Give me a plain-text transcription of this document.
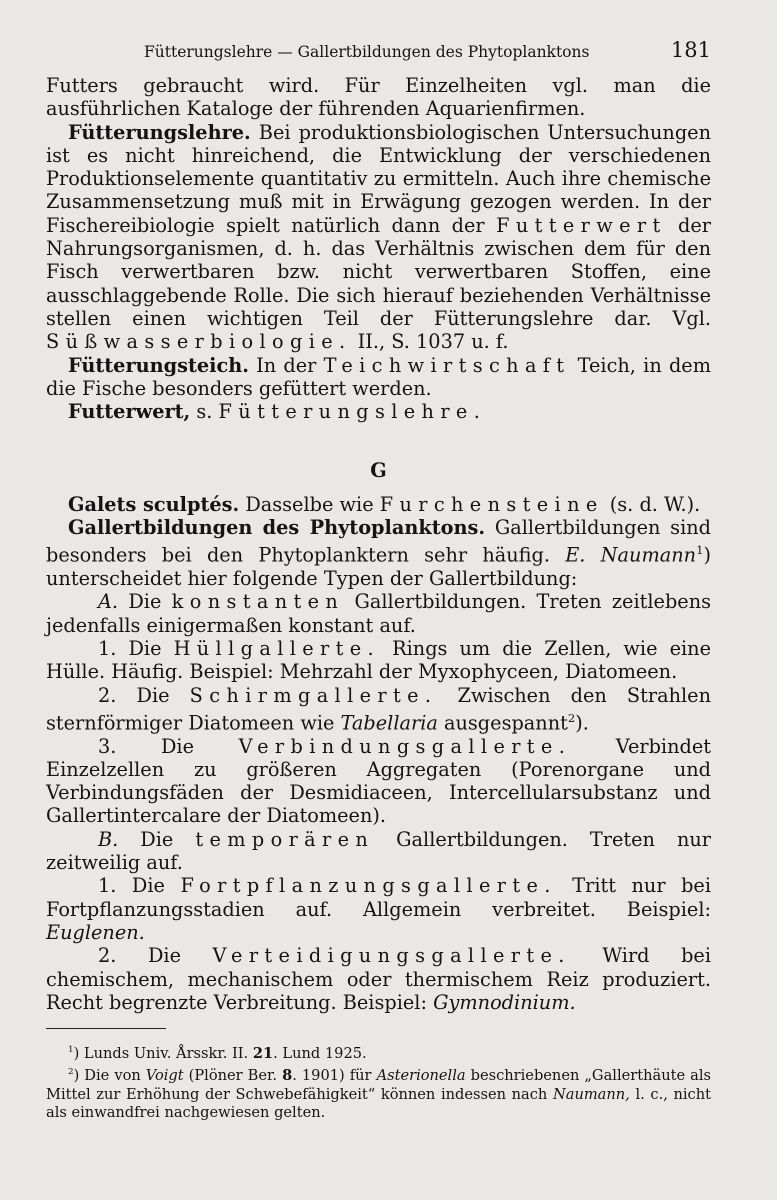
Fütterungslehre — Gallertbildungen des Phytoplanktons	181

Futters gebraucht wird. Für Einzelheiten vgl. man die ausführlichen Kataloge der führenden Aquarienfirmen.

Fütterungslehre. Bei produktionsbiologischen Untersuchungen ist es nicht hinreichend, die Entwicklung der verschiedenen Produktionselemente quantitativ zu ermitteln. Auch ihre chemische Zusammensetzung muß mit in Erwägung gezogen werden. In der Fischereibiologie spielt natürlich dann der Futterwert der Nahrungsorganismen, d. h. das Verhältnis zwischen dem für den Fisch verwertbaren bzw. nicht verwertbaren Stoffen, eine ausschlaggebende Rolle. Die sich hierauf beziehenden Verhältnisse stellen einen wichtigen Teil der Fütterungslehre dar. Vgl. Süßwasserbiologie. II., S. 1037 u. f.

Fütterungsteich. In der Teichwirtschaft Teich, in dem die Fische besonders gefüttert werden.

Futterwert, s. Fütterungslehre.

G

Galets sculptés. Dasselbe wie Furchensteine (s. d. W.).

Gallertbildungen des Phytoplanktons. Gallertbildungen sind besonders bei den Phytoplanktern sehr häufig. E. Naumann$^1$) unterscheidet hier folgende Typen der Gallertbildung:

A. Die konstanten Gallertbildungen. Treten zeitlebens jedenfalls einigermaßen konstant auf.

1. Die Hüllgallerte. Rings um die Zellen, wie eine Hülle. Häufig. Beispiel: Mehrzahl der Myxophyceen, Diatomeen.

2. Die Schirmgallerte. Zwischen den Strahlen sternförmiger Diatomeen wie Tabellaria ausgespannt$^2$).

3. Die Verbindungsgallerte. Verbindet Einzelzellen zu größeren Aggregaten (Porenorgane und Verbindungsfäden der Desmidiaceen, Intercellularsubstanz und Gallertintercalare der Diatomeen).

B. Die temporären Gallertbildungen. Treten nur zeitweilig auf.

1. Die Fortpflanzungsgallerte. Tritt nur bei Fortpflanzungsstadien auf. Allgemein verbreitet. Beispiel: Euglenen.

2. Die Verteidigungsgallerte. Wird bei chemischem, mechanischem oder thermischem Reiz produziert. Recht begrenzte Verbreitung. Beispiel: Gymnodinium.

$^1$) Lunds Univ. Årsskr. II. 21. Lund 1925.

$^2$) Die von Voigt (Plöner Ber. 8. 1901) für Asterionella beschriebenen „Gallerthäute als Mittel zur Erhöhung der Schwebefähigkeit“ können indessen nach Naumann, l. c., nicht als einwandfrei nachgewiesen gelten.
